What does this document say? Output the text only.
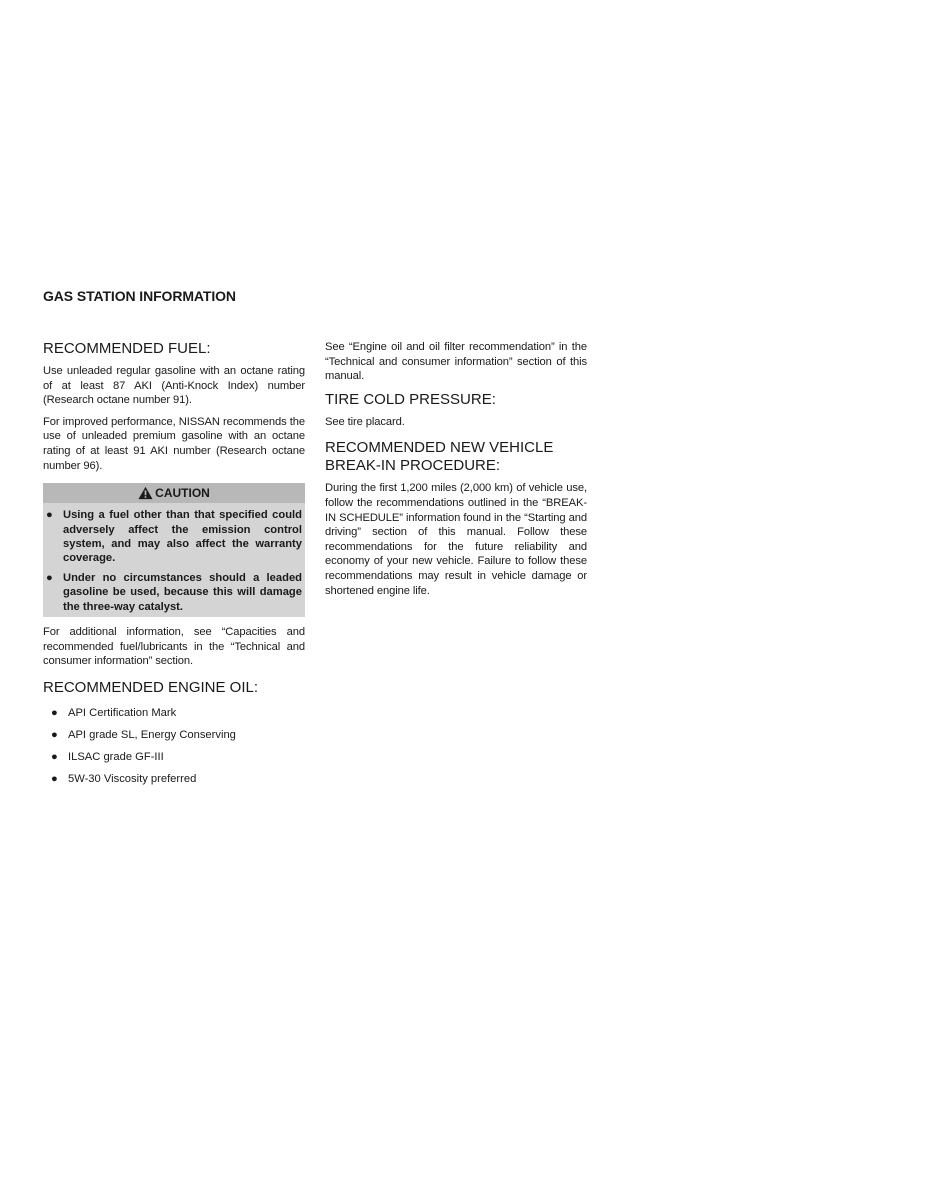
GAS STATION INFORMATION
RECOMMENDED FUEL:

Use unleaded regular gasoline with an octane rating of at least 87 AKI (Anti-Knock Index) number (Research octane number 91).

For improved performance, NISSAN recommends the use of unleaded premium gasoline with an octane rating of at least 91 AKI number (Research octane number 96).

CAUTION
● Using a fuel other than that specified could adversely affect the emission control system, and may also affect the warranty coverage.
● Under no circumstances should a leaded gasoline be used, because this will damage the three-way catalyst.

For additional information, see “Capacities and recommended fuel/lubricants in the “Technical and consumer information” section.

RECOMMENDED ENGINE OIL:
● API Certification Mark
● API grade SL, Energy Conserving
● ILSAC grade GF-III
● 5W-30 Viscosity preferred

See “Engine oil and oil filter recommendation” in the “Technical and consumer information” section of this manual.

TIRE COLD PRESSURE:

See tire placard.

RECOMMENDED NEW VEHICLE
BREAK-IN PROCEDURE:

During the first 1,200 miles (2,000 km) of vehicle use, follow the recommendations outlined in the “BREAK-IN SCHEDULE” information found in the “Starting and driving” section of this manual. Follow these recommendations for the future reliability and economy of your new vehicle. Failure to follow these recommendations may result in vehicle damage or shortened engine life.
